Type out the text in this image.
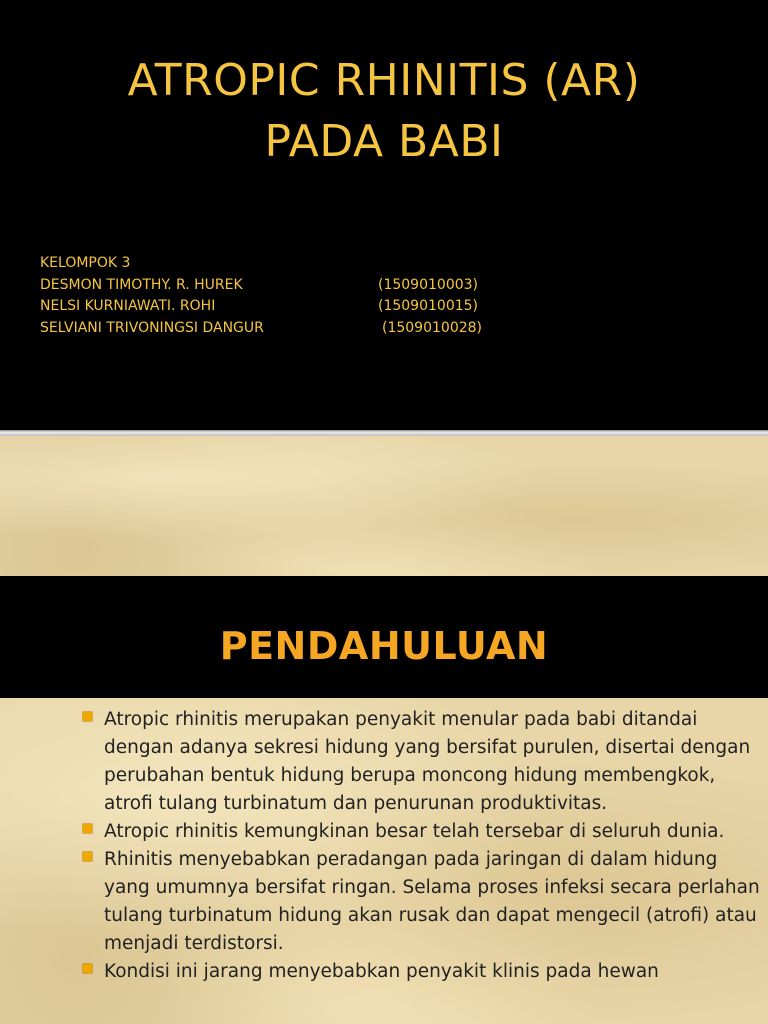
ATROPIC RHINITIS (AR)
PADA BABI
KELOMPOK 3
DESMON TIMOTHY. R. HUREK	(1509010003)
NELSI KURNIAWATI. ROHI	(1509010015)
SELVIANI TRIVONINGSI DANGUR	(1509010028)
PENDAHULUAN
Atropic rhinitis merupakan penyakit menular pada babi ditandai dengan adanya sekresi hidung yang bersifat purulen, disertai dengan perubahan bentuk hidung berupa moncong hidung membengkok, atrofi tulang turbinatum dan penurunan produktivitas.
Atropic rhinitis kemungkinan besar telah tersebar di seluruh dunia.
Rhinitis menyebabkan peradangan pada jaringan di dalam hidung yang umumnya bersifat ringan. Selama proses infeksi secara perlahan tulang turbinatum hidung akan rusak dan dapat mengecil (atrofi) atau menjadi terdistorsi.
Kondisi ini jarang menyebabkan penyakit klinis pada hewan
